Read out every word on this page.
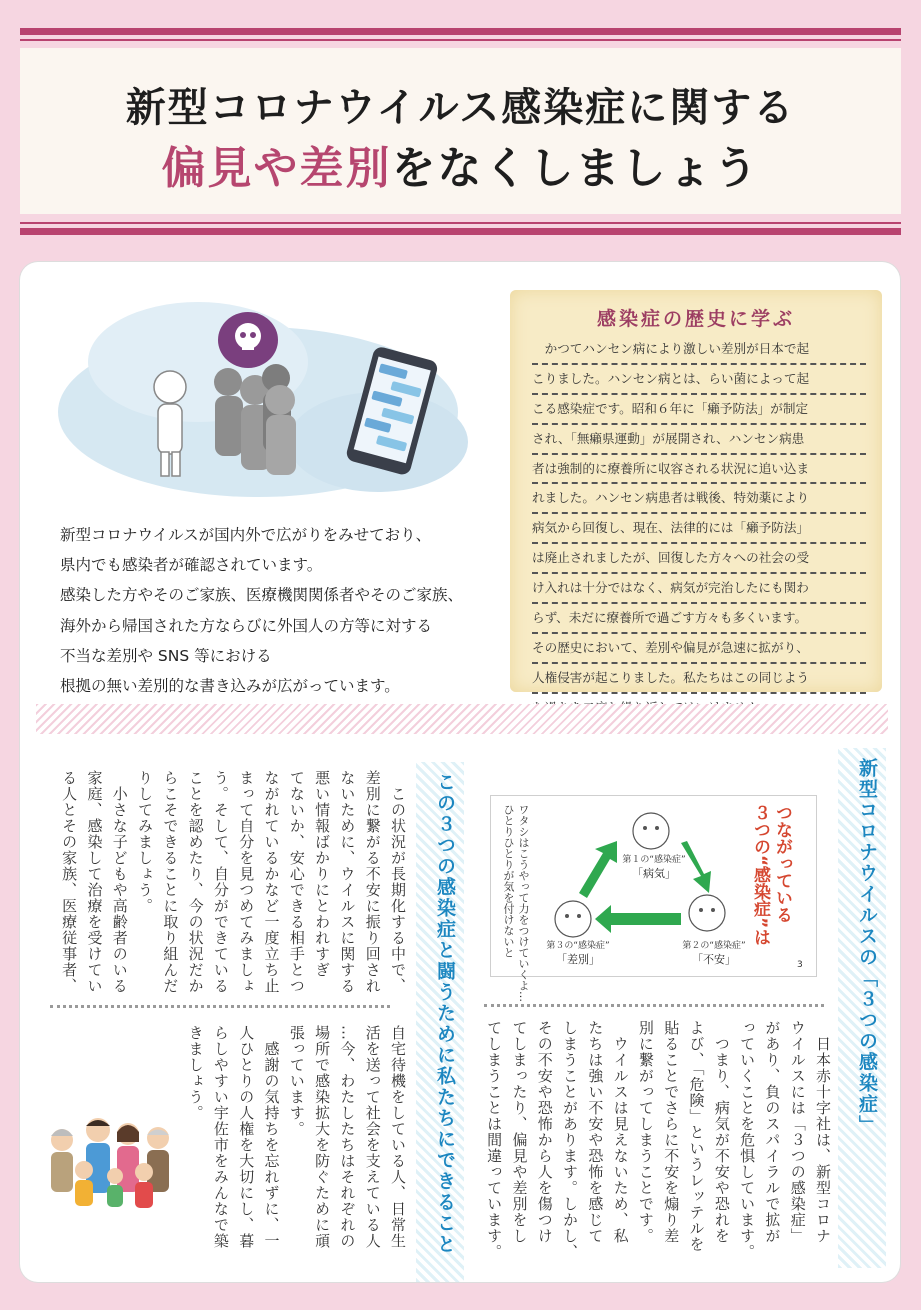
新型コロナウイルス感染症に関する
偏見や差別をなくしましょう
新型コロナウイルスが国内外で広がりをみせており、
県内でも感染者が確認されています。
感染した方やそのご家族、医療機関関係者やそのご家族、
海外から帰国された方ならびに外国人の方等に対する
不当な差別や SNS 等における
根拠の無い差別的な書き込みが広がっています。
感染症の歴史に学ぶ
　かつてハンセン病により激しい差別が日本で起
こりました。ハンセン病とは、らい菌によって起
こる感染症です。昭和６年に「癩予防法」が制定
され、「無癩県運動」が展開され、ハンセン病患
者は強制的に療養所に収容される状況に追い込ま
れました。ハンセン病患者は戦後、特効薬により
病気から回復し、現在、法律的には「癩予防法」
は廃止されましたが、回復した方々への社会の受
け入れは十分ではなく、病気が完治したにも関わ
らず、未だに療養所で過ごす方々も多くいます。
その歴史において、差別や偏見が急速に拡がり、
人権侵害が起こりました。私たちはこの同じよう
新型コロナウイルスの「３つの感染症」
ワタシはこうやって力をつけていくよ…
ひとりひとりが気を付けないと	つながっている
３つの“感染症”は
第１の“感染症”
「病気」
第２の“感染症”
「不安」
第３の“感染症”
「差別」	3
　日本赤十字社は、新型コロナ
ウイルスには「３つの感染症」
があり、負のスパイラルで拡が
っていくことを危惧しています。
　つまり、病気が不安や恐れを
よび、「危険」というレッテルを
貼ることでさらに不安を煽り差
別に繋がってしまうことです。
　ウイルスは見えないため、私
たちは強い不安や恐怖を感じて
しまうことがあります。しかし、
その不安や恐怖から人を傷つけ
てしまったり、偏見や差別をし
てしまうことは間違っています。
この３つの感染症と闘うために私たちにできること
　この状況が長期化する中で、
差別に繋がる不安に振り回され
ないために、ウイルスに関する
悪い情報ばかりにとわれすぎ
てないか、安心できる相手とつ
ながれているかなど一度立ち止
まって自分を見つめてみましょ
う。そして、自分ができている
ことを認めたり、今の状況だか
らこそできることに取り組んだ
りしてみましょう。
　小さな子どもや高齢者のいる
家庭、感染して治療を受けてい
る人とその家族、医療従事者、
自宅待機をしている人、日常生
活を送って社会を支えている人
…今、わたしたちはそれぞれの
場所で感染拡大を防ぐために頑
張っています。
　感謝の気持ちを忘れずに、一
人ひとりの人権を大切にし、暮
らしやすい宇佐市をみんなで築
きましょう。
